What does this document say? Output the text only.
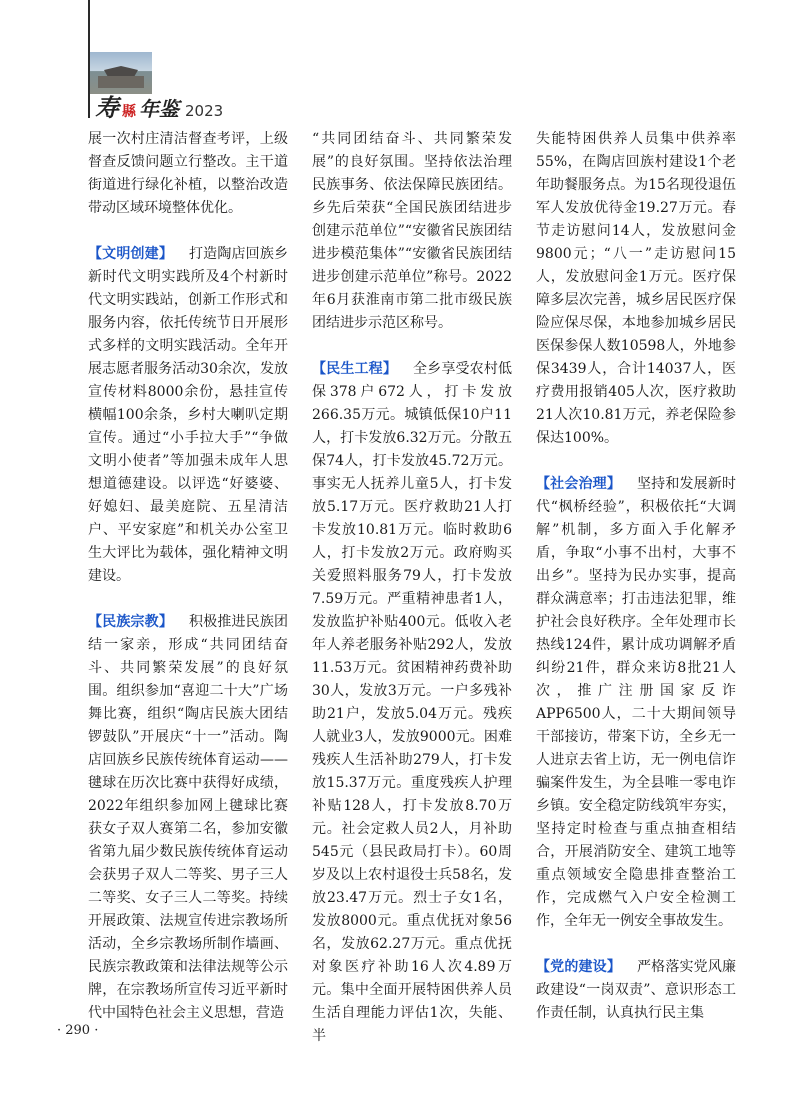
寿 縣 年鉴 2023

展一次村庄清洁督查考评，上级督查反馈问题立行整改。主干道街道进行绿化补植，以整治改造带动区域环境整体优化。

【文明创建】 打造陶店回族乡新时代文明实践所及4个村新时代文明实践站，创新工作形式和服务内容，依托传统节日开展形式多样的文明实践活动。全年开展志愿者服务活动30余次，发放宣传材料8000余份，悬挂宣传横幅100余条，乡村大喇叭定期宣传。通过“小手拉大手”“争做文明小使者”等加强未成年人思想道德建设。以评选“好婆婆、好媳妇、最美庭院、五星清洁户、平安家庭”和机关办公室卫生大评比为载体，强化精神文明建设。

【民族宗教】 积极推进民族团结一家亲，形成“共同团结奋斗、共同繁荣发展”的良好氛围。组织参加“喜迎二十大”广场舞比赛，组织“陶店民族大团结锣鼓队”开展庆“十一”活动。陶店回族乡民族传统体育运动——毽球在历次比赛中获得好成绩，2022年组织参加网上毽球比赛获女子双人赛第二名，参加安徽省第九届少数民族传统体育运动会获男子双人二等奖、男子三人二等奖、女子三人二等奖。持续开展政策、法规宣传进宗教场所活动，全乡宗教场所制作墙画、民族宗教政策和法律法规等公示牌，在宗教场所宣传习近平新时代中国特色社会主义思想，营造

“共同团结奋斗、共同繁荣发展”的良好氛围。坚持依法治理民族事务、依法保障民族团结。乡先后荣获“全国民族团结进步创建示范单位”“安徽省民族团结进步模范集体”“安徽省民族团结进步创建示范单位”称号。2022年6月获淮南市第二批市级民族团结进步示范区称号。

【民生工程】 全乡享受农村低保378户672人，打卡发放266.35万元。城镇低保10户11人，打卡发放6.32万元。分散五保74人，打卡发放45.72万元。事实无人抚养儿童5人，打卡发放5.17万元。医疗救助21人打卡发放10.81万元。临时救助6人，打卡发放2万元。政府购买关爱照料服务79人，打卡发放7.59万元。严重精神患者1人，发放监护补贴400元。低收入老年人养老服务补贴292人，发放11.53万元。贫困精神药费补助30人，发放3万元。一户多残补助21户，发放5.04万元。残疾人就业3人，发放9000元。困难残疾人生活补助279人，打卡发放15.37万元。重度残疾人护理补贴128人，打卡发放8.70万元。社会定救人员2人，月补助545元（县民政局打卡）。60周岁及以上农村退役士兵58名，发放23.47万元。烈士子女1名，发放8000元。重点优抚对象56名，发放62.27万元。重点优抚对象医疗补助16人次4.89万元。集中全面开展特困供养人员生活自理能力评估1次，失能、半

失能特困供养人员集中供养率55%，在陶店回族村建设1个老年助餐服务点。为15名现役退伍军人发放优待金19.27万元。春节走访慰问14人，发放慰问金9800元；“八一”走访慰问15人，发放慰问金1万元。医疗保障多层次完善，城乡居民医疗保险应保尽保，本地参加城乡居民医保参保人数10598人，外地参保3439人，合计14037人，医疗费用报销405人次，医疗救助21人次10.81万元，养老保险参保达100%。

【社会治理】 坚持和发展新时代“枫桥经验”，积极依托“大调解”机制，多方面入手化解矛盾，争取“小事不出村，大事不出乡”。坚持为民办实事，提高群众满意率；打击违法犯罪，维护社会良好秩序。全年处理市长热线124件，累计成功调解矛盾纠纷21件，群众来访8批21人次，推广注册国家反诈APP6500人，二十大期间领导干部接访，带案下访，全乡无一人进京去省上访，无一例电信诈骗案件发生，为全县唯一零电诈乡镇。安全稳定防线筑牢夯实，坚持定时检查与重点抽查相结合，开展消防安全、建筑工地等重点领域安全隐患排查整治工作，完成燃气入户安全检测工作，全年无一例安全事故发生。

【党的建设】 严格落实党风廉政建设“一岗双责”、意识形态工作责任制，认真执行民主集

· 290 ·
